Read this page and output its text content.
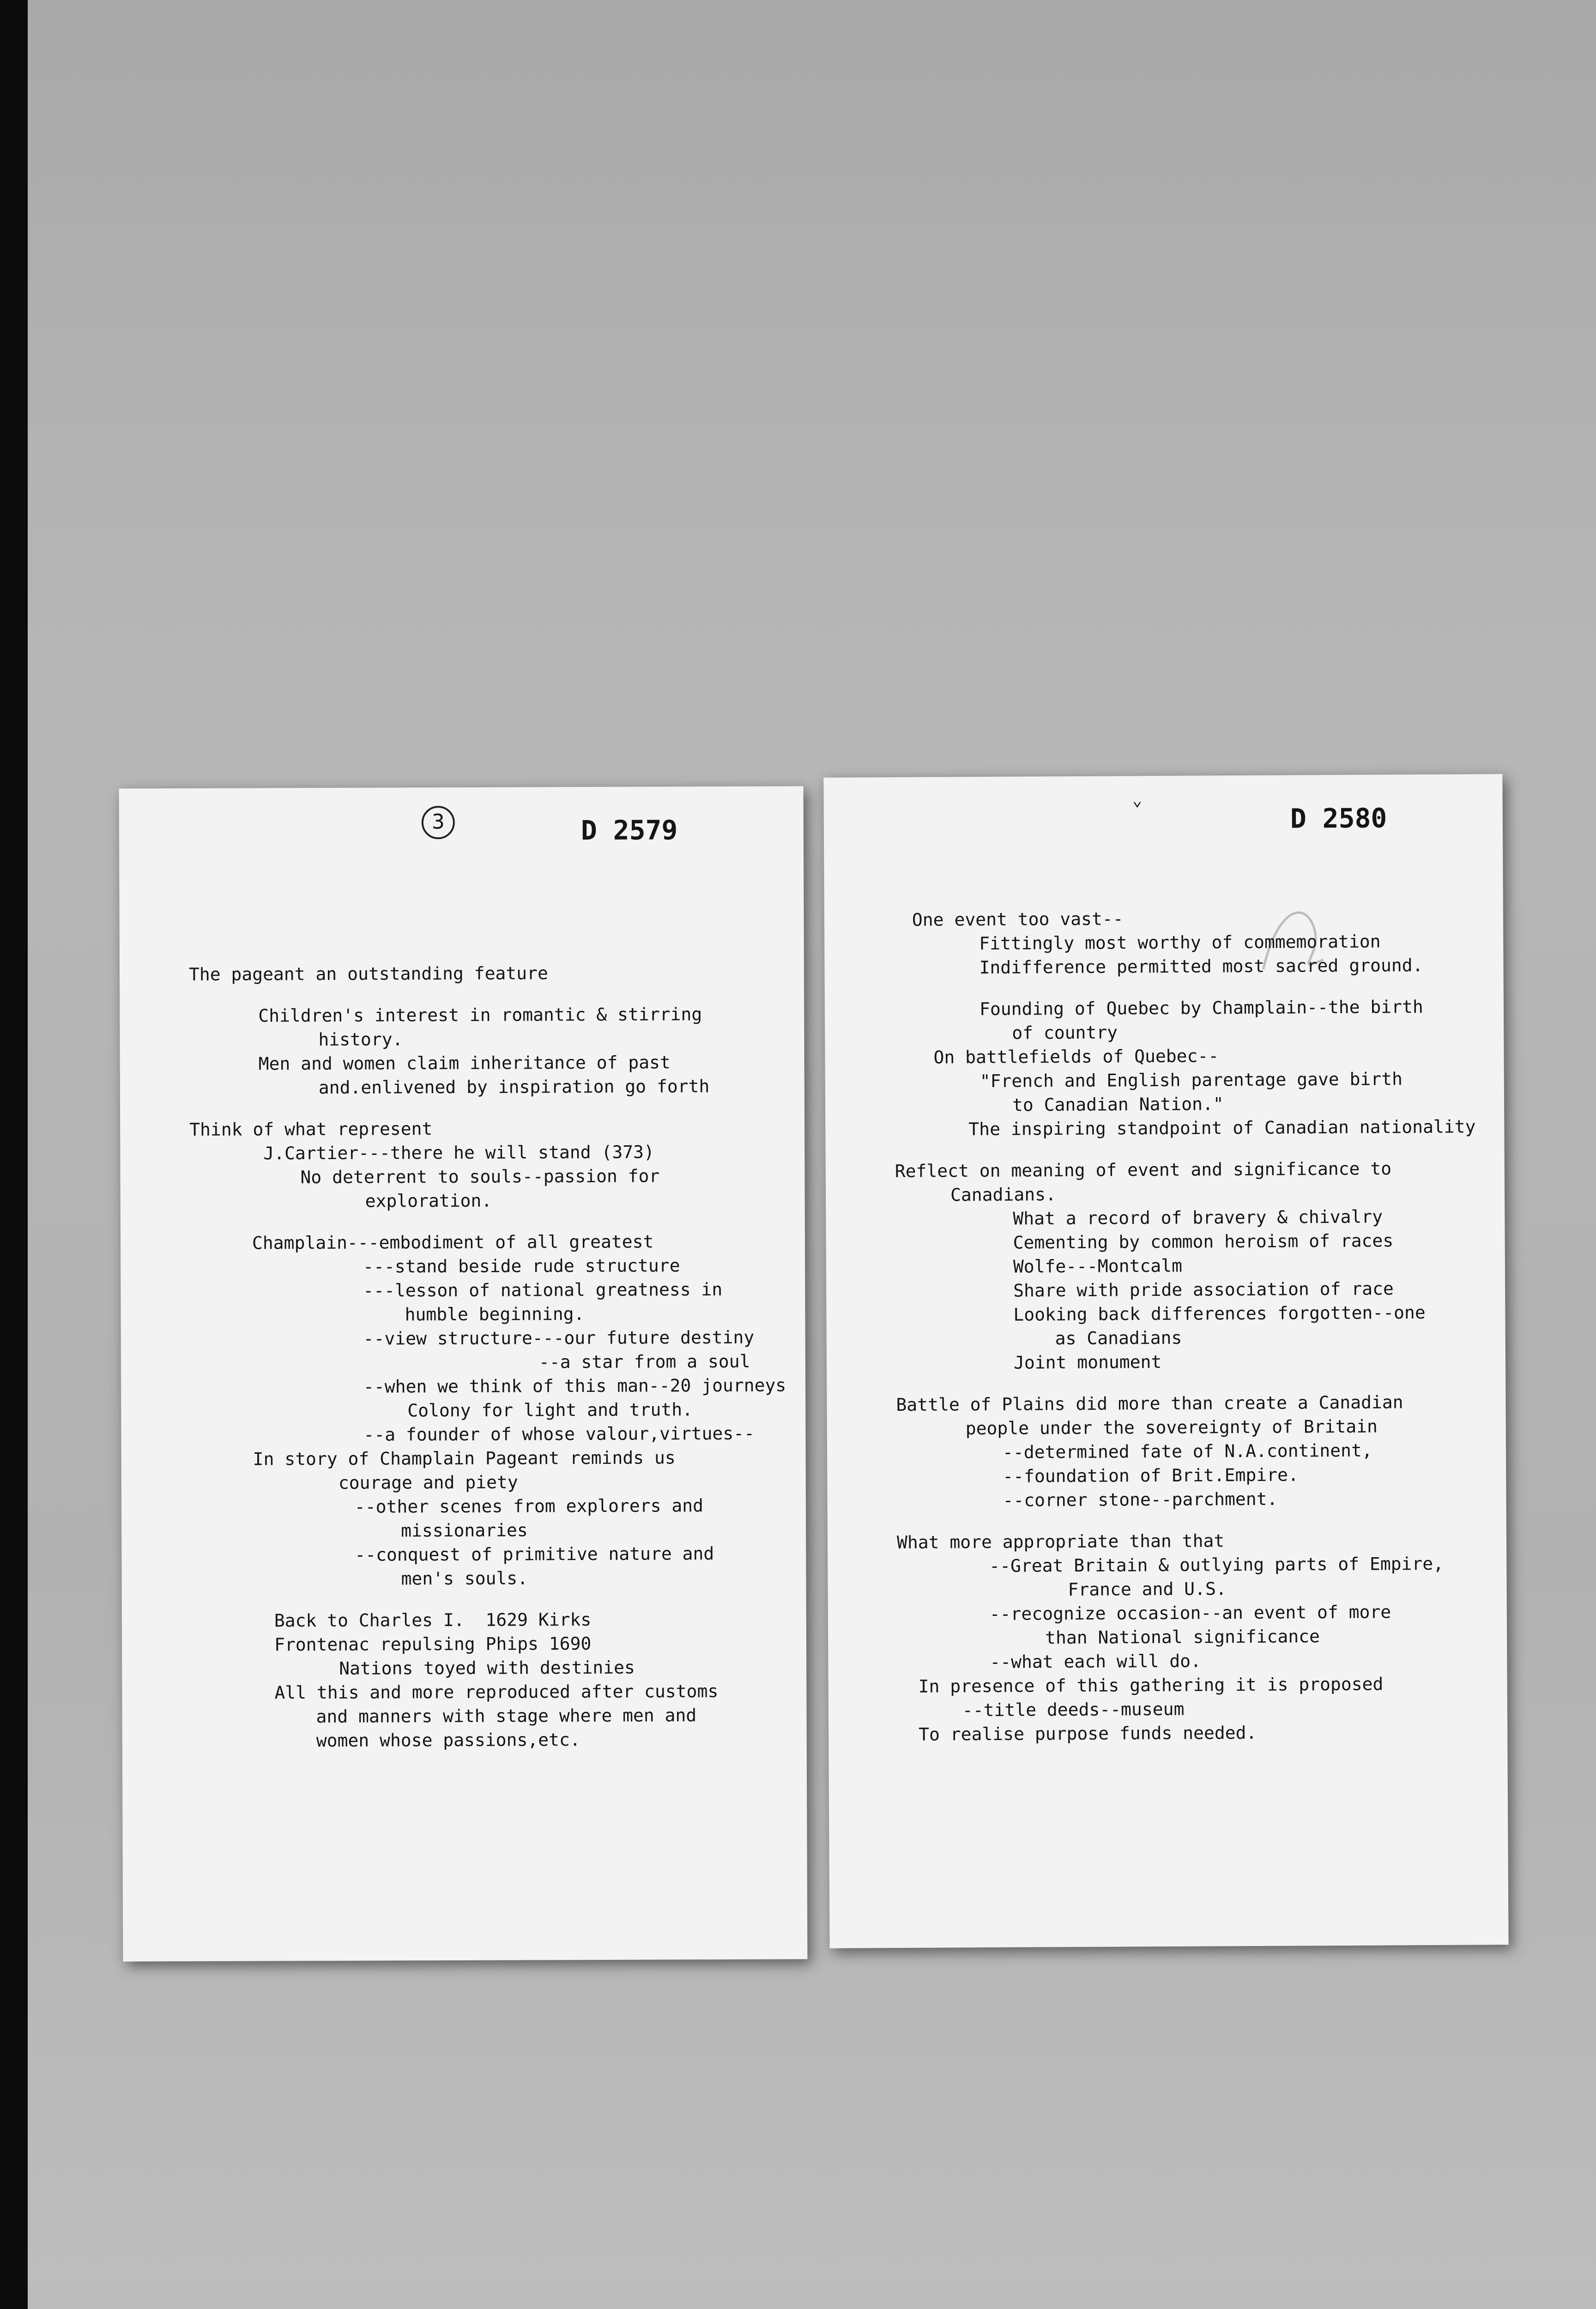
3	D 2579
The pageant an outstanding feature
Children's interest in romantic & stirring
history.
Men and women claim inheritance of past
and.enlivened by inspiration go forth
Think of what represent
J.Cartier---there he will stand (373)
No deterrent to souls--passion for
exploration.
Champlain---embodiment of all greatest
---stand beside rude structure
---lesson of national greatness in
humble beginning.
--view structure---our future destiny
--a star from a soul
--when we think of this man--20 journeys
Colony for light and truth.
--a founder of whose valour,virtues--
In story of Champlain Pageant reminds us
courage and piety
--other scenes from explorers and
missionaries
--conquest of primitive nature and
men's souls.
Back to Charles I.  1629 Kirks
Frontenac repulsing Phips 1690
Nations toyed with destinies
All this and more reproduced after customs
and manners with stage where men and
women whose passions,etc.
⌄
D 2580
One event too vast--
Fittingly most worthy of commemoration
Indifference permitted most sacred ground.
Founding of Quebec by Champlain--the birth
of country
On battlefields of Quebec--
"French and English parentage gave birth
to Canadian Nation."
The inspiring standpoint of Canadian nationality
Reflect on meaning of event and significance to
Canadians.
What a record of bravery & chivalry
Cementing by common heroism of races
Wolfe---Montcalm
Share with pride association of race
Looking back differences forgotten--one
as Canadians
Joint monument
Battle of Plains did more than create a Canadian
people under the sovereignty of Britain
--determined fate of N.A.continent,
--foundation of Brit.Empire.
--corner stone--parchment.
What more appropriate than that
--Great Britain & outlying parts of Empire,
France and U.S.
--recognize occasion--an event of more
than National significance
--what each will do.
In presence of this gathering it is proposed
--title deeds--museum
To realise purpose funds needed.
